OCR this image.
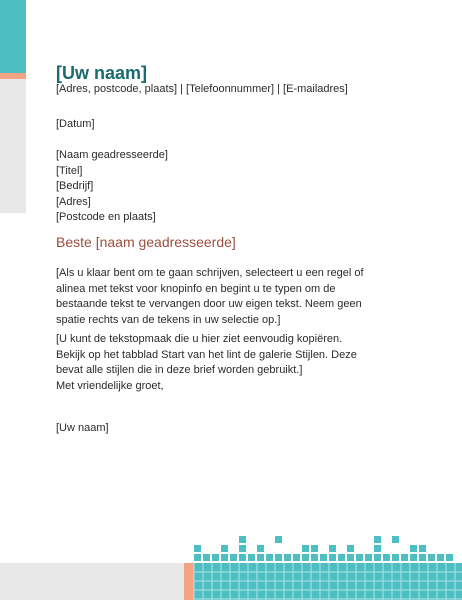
[Uw naam]
[Adres, postcode, plaats] | [Telefoonnummer] | [E-mailadres]
[Datum]
[Naam geadresseerde]
[Titel]
[Bedrijf]
[Adres]
[Postcode en plaats]
Beste [naam geadresseerde]
[Als u klaar bent om te gaan schrijven, selecteert u een regel of alinea met tekst voor knopinfo en begint u te typen om de bestaande tekst te vervangen door uw eigen tekst. Neem geen spatie rechts van de tekens in uw selectie op.]
[U kunt de tekstopmaak die u hier ziet eenvoudig kopiëren. Bekijk op het tabblad Start van het lint de galerie Stijlen. Deze bevat alle stijlen die in deze brief worden gebruikt.]
Met vriendelijke groet,
[Uw naam]
